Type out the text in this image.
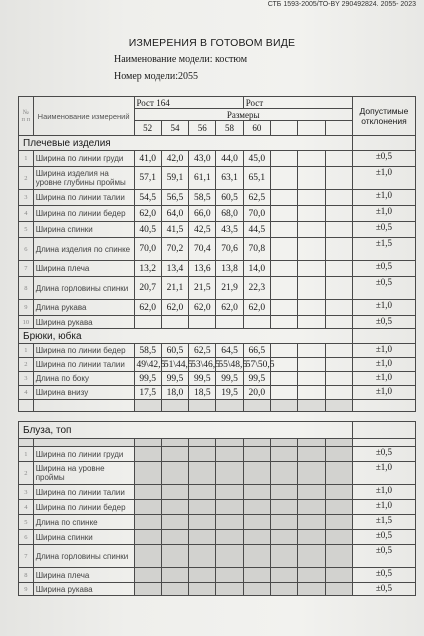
СТБ 1593-2005/ТО-BY 290492824. 2055- 2023
ИЗМЕРЕНИЯ В ГОТОВОМ ВИДЕ
Наименование модели: костюм
Номер модели:2055
№ п п	Наименование измерений	Рост 164				Рост				Допустимые отклонения
		Размеры								
		52	54	56	58	60				
Плечевые изделия										
1	Ширина по линии груди	41,0	42,0	43,0	44,0	45,0				±0,5
2	Ширина изделия на уровне глубины проймы	57,1	59,1	61,1	63,1	65,1				±1,0
3	Ширина по линии талии	54,5	56,5	58,5	60,5	62,5				±1,0
4	Ширина по линии бедер	62,0	64,0	66,0	68,0	70,0				±1,0
5	Ширина спинки	40,5	41,5	42,5	43,5	44,5				±0,5
6	Длина изделия по спинке	70,0	70,2	70,4	70,6	70,8				±1,5
7	Ширина плеча	13,2	13,4	13,6	13,8	14,0				±0,5
8	Длина горловины спинки	20,7	21,1	21,5	21,9	22,3				±0,5
9	Длина рукава	62,0	62,0	62,0	62,0	62,0				±1,0
10	Ширина рукава									±0,5
Брюки, юбка										
1	Ширина по линии бедер	58,5	60,5	62,5	64,5	66,5				±1,0
2	Ширина по линии талии	49\42,5	51\44,5	53\46,5	55\48,5	57\50,5				±1,0
3	Длина по боку	99,5	99,5	99,5	99,5	99,5				±1,0
4	Ширина внизу	17,5	18,0	18,5	19,5	20,0				±1,0

Блуза, топ										

1	Ширина по линии груди									±0,5
2	Ширина на уровне проймы									±1,0
3	Ширина по линии талии									±1,0
4	Ширина по линии бедер									±1,0
5	Длина по спинке									±1,5
6	Ширина спинки									±0,5
7	Длина горловины спинки									±0,5
8	Ширина плеча									±0,5
9	Ширина рукава									±0,5
